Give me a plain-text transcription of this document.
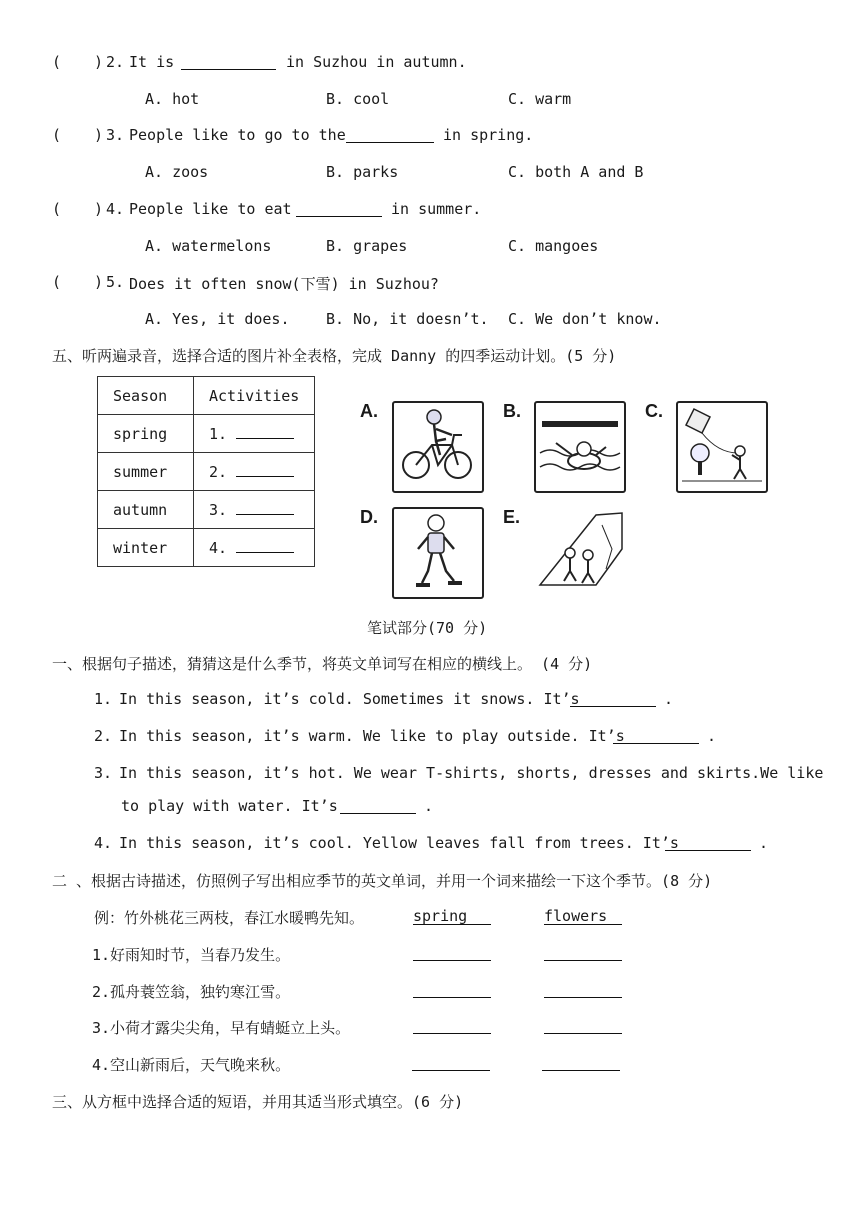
( ) 2. It is	in Suzhou in autumn.
A. hot	B. cool	C. warm
( ) 3. People like to go to the	in spring.
A. zoos	B. parks	C. both A and B
( ) 4. People like to eat	in summer.
A. watermelons	B. grapes	C. mangoes
( ) 5. Does it often snow(下雪) in Suzhou?
A. Yes, it does. B. No, it doesn’t. C. We don’t know.
五、听两遍录音，选择合适的图片补全表格，完成 Danny 的四季运动计划。(5 分)
Season	Activities
spring	1.
summer	2.
autumn	3.
winter	4.
A.	B.	C.
D.	E.
笔试部分(70 分)
一、根据句子描述，猜猜这是什么季节，将英文单词写在相应的横线上。 (4 分)
1. In this season, it’s cold. Sometimes it snows. It’s	.
2. In this season, it’s warm. We like to play outside. It’s	.
3. In this season, it’s hot. We wear T-shirts, shorts, dresses and skirts.We like
to play with water. It’s	.
4. In this season, it’s cool. Yellow leaves fall from trees. It’s	.
二 、根据古诗描述，仿照例子写出相应季节的英文单词，并用一个词来描绘一下这个季节。(8 分)
例：竹外桃花三两枝，春江水暖鸭先知。	spring	flowers
1.好雨知时节，当春乃发生。
2.孤舟蓑笠翁，独钓寒江雪。
3.小荷才露尖尖角，早有蜻蜓立上头。
4.空山新雨后，天气晚来秋。
三、从方框中选择合适的短语，并用其适当形式填空。(6 分)
